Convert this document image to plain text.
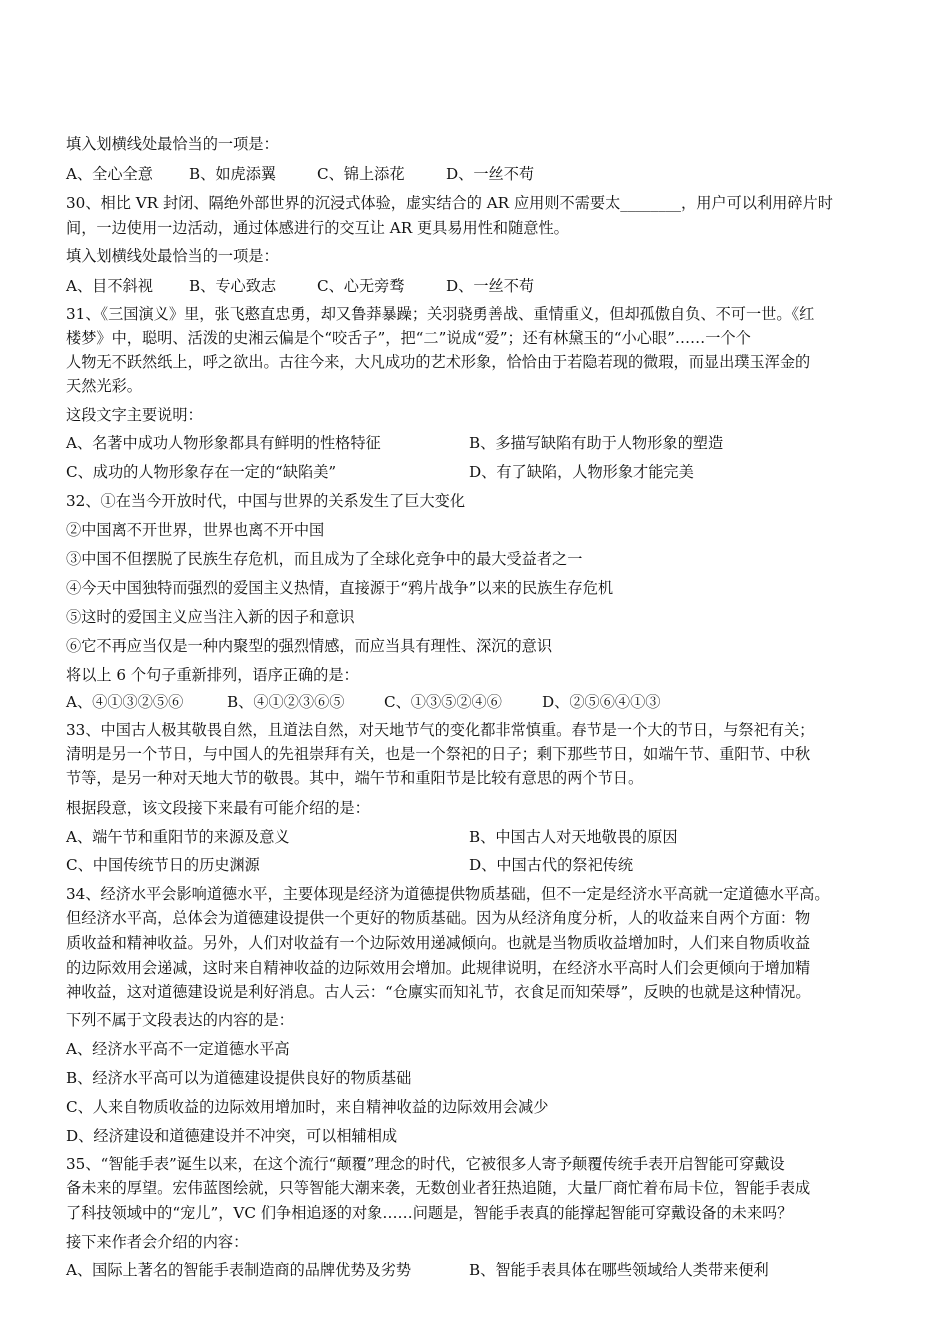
填入划横线处最恰当的一项是：
A、全心全意 B、如虎添翼	C、锦上添花	D、一丝不苟
30、相比 VR 封闭、隔绝外部世界的沉浸式体验，虚实结合的 AR 应用则不需要太________，用户可以利用碎片时
间，一边使用一边活动，通过体感进行的交互让 AR 更具易用性和随意性。
填入划横线处最恰当的一项是：
A、目不斜视 B、专心致志	C、心无旁骛	D、一丝不苟
31、《三国演义》里，张飞憨直忠勇，却又鲁莽暴躁；关羽骁勇善战、重情重义，但却孤傲自负、不可一世。《红
楼梦》中，聪明、活泼的史湘云偏是个“咬舌子”，把“二”说成“爱”；还有林黛玉的“小心眼”……一个个
人物无不跃然纸上，呼之欲出。古往今来，大凡成功的艺术形象，恰恰由于若隐若现的微瑕，而显出璞玉浑金的
天然光彩。
这段文字主要说明：
A、名著中成功人物形象都具有鲜明的性格特征	B、多描写缺陷有助于人物形象的塑造
C、成功的人物形象存在一定的“缺陷美”	D、有了缺陷，人物形象才能完美
32、①在当今开放时代，中国与世界的关系发生了巨大变化
②中国离不开世界，世界也离不开中国
③中国不但摆脱了民族生存危机，而且成为了全球化竞争中的最大受益者之一
④今天中国独特而强烈的爱国主义热情，直接源于“鸦片战争”以来的民族生存危机
⑤这时的爱国主义应当注入新的因子和意识
⑥它不再应当仅是一种内聚型的强烈情感，而应当具有理性、深沉的意识
将以上 6 个句子重新排列，语序正确的是：
A、④①③②⑤⑥	B、④①②③⑥⑤	C、①③⑤②④⑥	D、②⑤⑥④①③
33、中国古人极其敬畏自然，且道法自然，对天地节气的变化都非常慎重。春节是一个大的节日，与祭祀有关；
清明是另一个节日，与中国人的先祖崇拜有关，也是一个祭祀的日子；剩下那些节日，如端午节、重阳节、中秋
节等，是另一种对天地大节的敬畏。其中，端午节和重阳节是比较有意思的两个节日。
根据段意，该文段接下来最有可能介绍的是：
A、端午节和重阳节的来源及意义	B、中国古人对天地敬畏的原因
C、中国传统节日的历史渊源	D、中国古代的祭祀传统
34、经济水平会影响道德水平，主要体现是经济为道德提供物质基础，但不一定是经济水平高就一定道德水平高。
但经济水平高，总体会为道德建设提供一个更好的物质基础。因为从经济角度分析，人的收益来自两个方面：物
质收益和精神收益。另外，人们对收益有一个边际效用递减倾向。也就是当物质收益增加时，人们来自物质收益
的边际效用会递减，这时来自精神收益的边际效用会增加。此规律说明，在经济水平高时人们会更倾向于增加精
神收益，这对道德建设说是利好消息。古人云：“仓廪实而知礼节，衣食足而知荣辱”，反映的也就是这种情况。
下列不属于文段表达的内容的是：
A、经济水平高不一定道德水平高
B、经济水平高可以为道德建设提供良好的物质基础
C、人来自物质收益的边际效用增加时，来自精神收益的边际效用会减少
D、经济建设和道德建设并不冲突，可以相辅相成
35、“智能手表”诞生以来，在这个流行“颠覆”理念的时代，它被很多人寄予颠覆传统手表开启智能可穿戴设
备未来的厚望。宏伟蓝图绘就，只等智能大潮来袭，无数创业者狂热追随，大量厂商忙着布局卡位，智能手表成
了科技领域中的“宠儿”，VC 们争相追逐的对象……问题是，智能手表真的能撑起智能可穿戴设备的未来吗？
接下来作者会介绍的内容：
A、国际上著名的智能手表制造商的品牌优势及劣势	B、智能手表具体在哪些领域给人类带来便利
